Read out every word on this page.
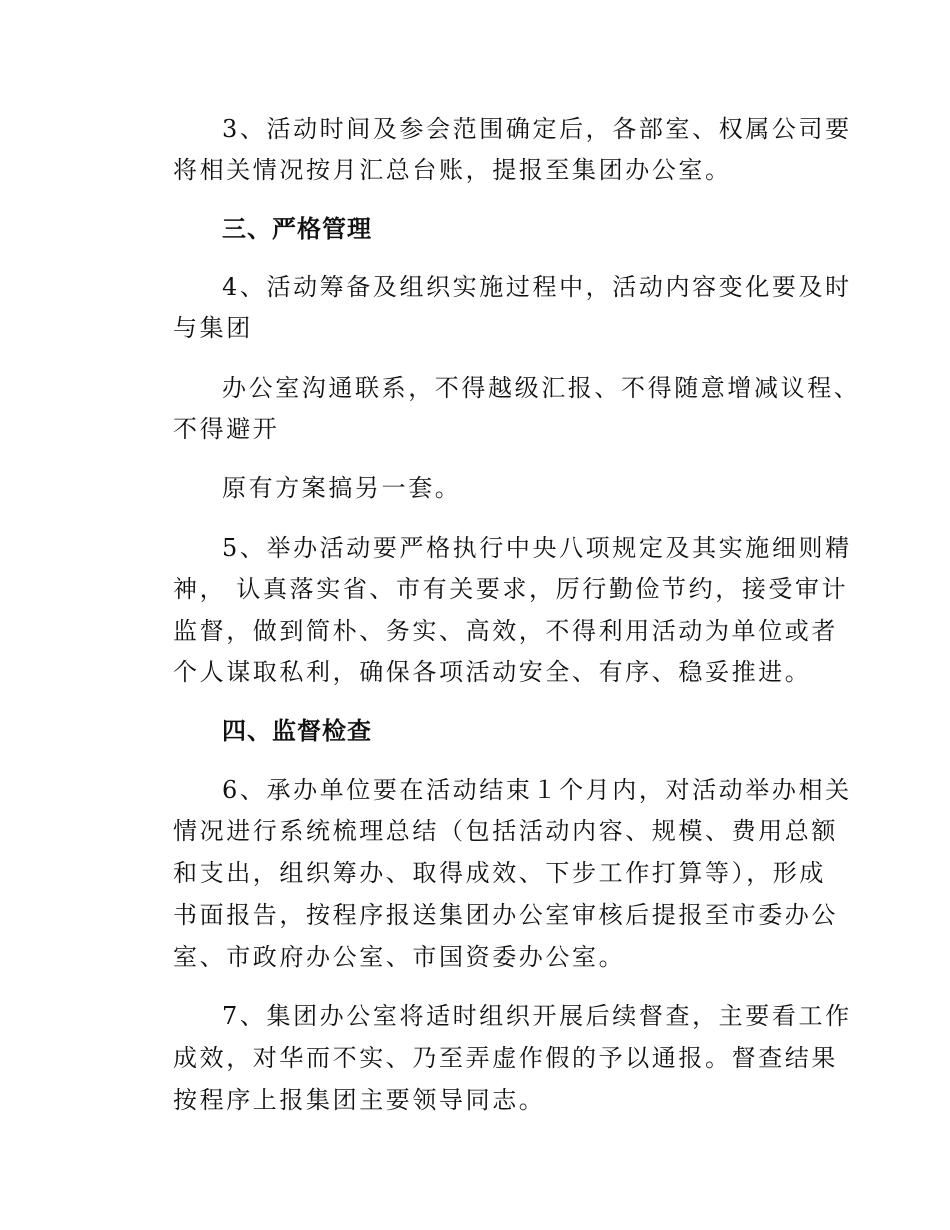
3、活动时间及参会范围确定后，各部室、权属公司要
将相关情况按月汇总台账，提报至集团办公室。
三、严格管理
4、活动筹备及组织实施过程中，活动内容变化要及时
与集团
办公室沟通联系，不得越级汇报、不得随意增减议程、
不得避开
原有方案搞另一套。
5、举办活动要严格执行中央八项规定及其实施细则精
神， 认真落实省、市有关要求，厉行勤俭节约，接受审计
监督，做到简朴、务实、高效，不得利用活动为单位或者
个人谋取私利，确保各项活动安全、有序、稳妥推进。
四、监督检查
6、承办单位要在活动结束１个月内，对活动举办相关
情况进行系统梳理总结（包括活动内容、规模、费用总额
和支出，组织筹办、取得成效、下步工作打算等），形成
书面报告，按程序报送集团办公室审核后提报至市委办公
室、市政府办公室、市国资委办公室。
7、集团办公室将适时组织开展后续督查，主要看工作
成效，对华而不实、乃至弄虚作假的予以通报。督查结果
按程序上报集团主要领导同志。
